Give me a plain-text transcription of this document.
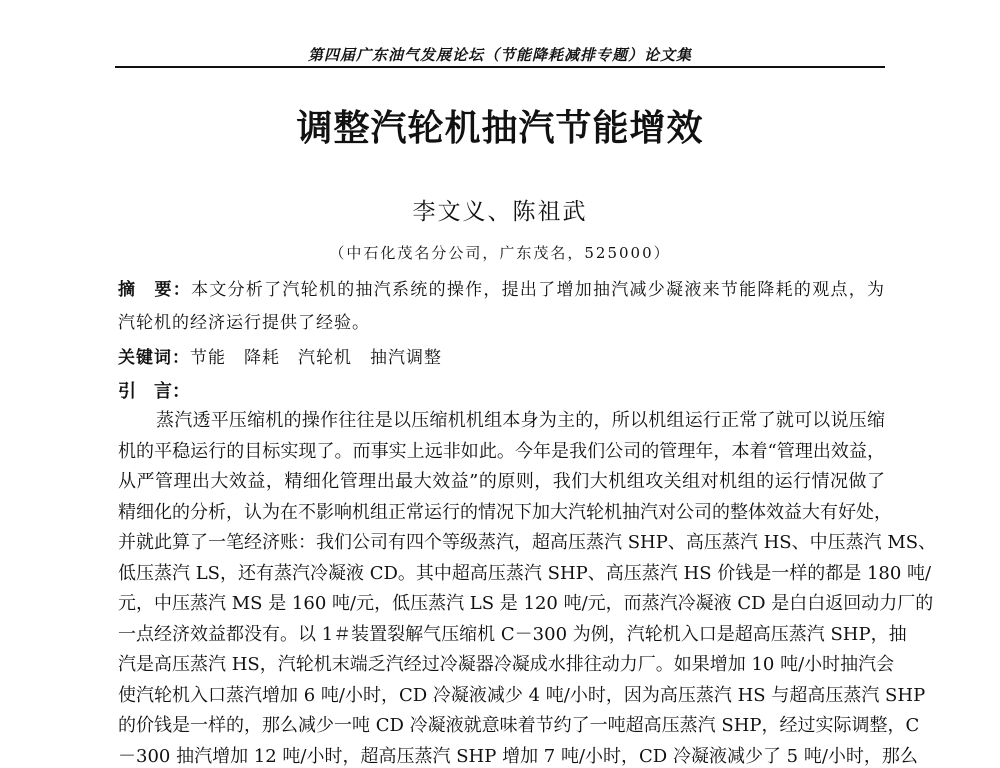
第四届广东油气发展论坛（节能降耗减排专题）论文集
调整汽轮机抽汽节能增效
李文义、陈祖武
（中石化茂名分公司，广东茂名，525000）
摘　要：本文分析了汽轮机的抽汽系统的操作，提出了增加抽汽减少凝液来节能降耗的观点，为
汽轮机的经济运行提供了经验。
关键词：节能　降耗　汽轮机　抽汽调整
引　言：
蒸汽透平压缩机的操作往往是以压缩机机组本身为主的，所以机组运行正常了就可以说压缩
机的平稳运行的目标实现了。而事实上远非如此。今年是我们公司的管理年，本着“管理出效益，
从严管理出大效益，精细化管理出最大效益”的原则，我们大机组攻关组对机组的运行情况做了
精细化的分析，认为在不影响机组正常运行的情况下加大汽轮机抽汽对公司的整体效益大有好处，
并就此算了一笔经济账：我们公司有四个等级蒸汽，超高压蒸汽 SHP、高压蒸汽 HS、中压蒸汽 MS、
低压蒸汽 LS，还有蒸汽冷凝液 CD。其中超高压蒸汽 SHP、高压蒸汽 HS 价钱是一样的都是 180 吨/
元，中压蒸汽 MS 是 160 吨/元，低压蒸汽 LS 是 120 吨/元，而蒸汽冷凝液 CD 是白白返回动力厂的
一点经济效益都没有。以 1＃装置裂解气压缩机 C－300 为例，汽轮机入口是超高压蒸汽 SHP，抽
汽是高压蒸汽 HS，汽轮机末端乏汽经过冷凝器冷凝成水排往动力厂。如果增加 10 吨/小时抽汽会
使汽轮机入口蒸汽增加 6 吨/小时，CD 冷凝液减少 4 吨/小时，因为高压蒸汽 HS 与超高压蒸汽 SHP
的价钱是一样的，那么减少一吨 CD 冷凝液就意味着节约了一吨超高压蒸汽 SHP，经过实际调整，C
－300 抽汽增加 12 吨/小时，超高压蒸汽 SHP 增加 7 吨/小时，CD 冷凝液减少了 5 吨/小时，那么
